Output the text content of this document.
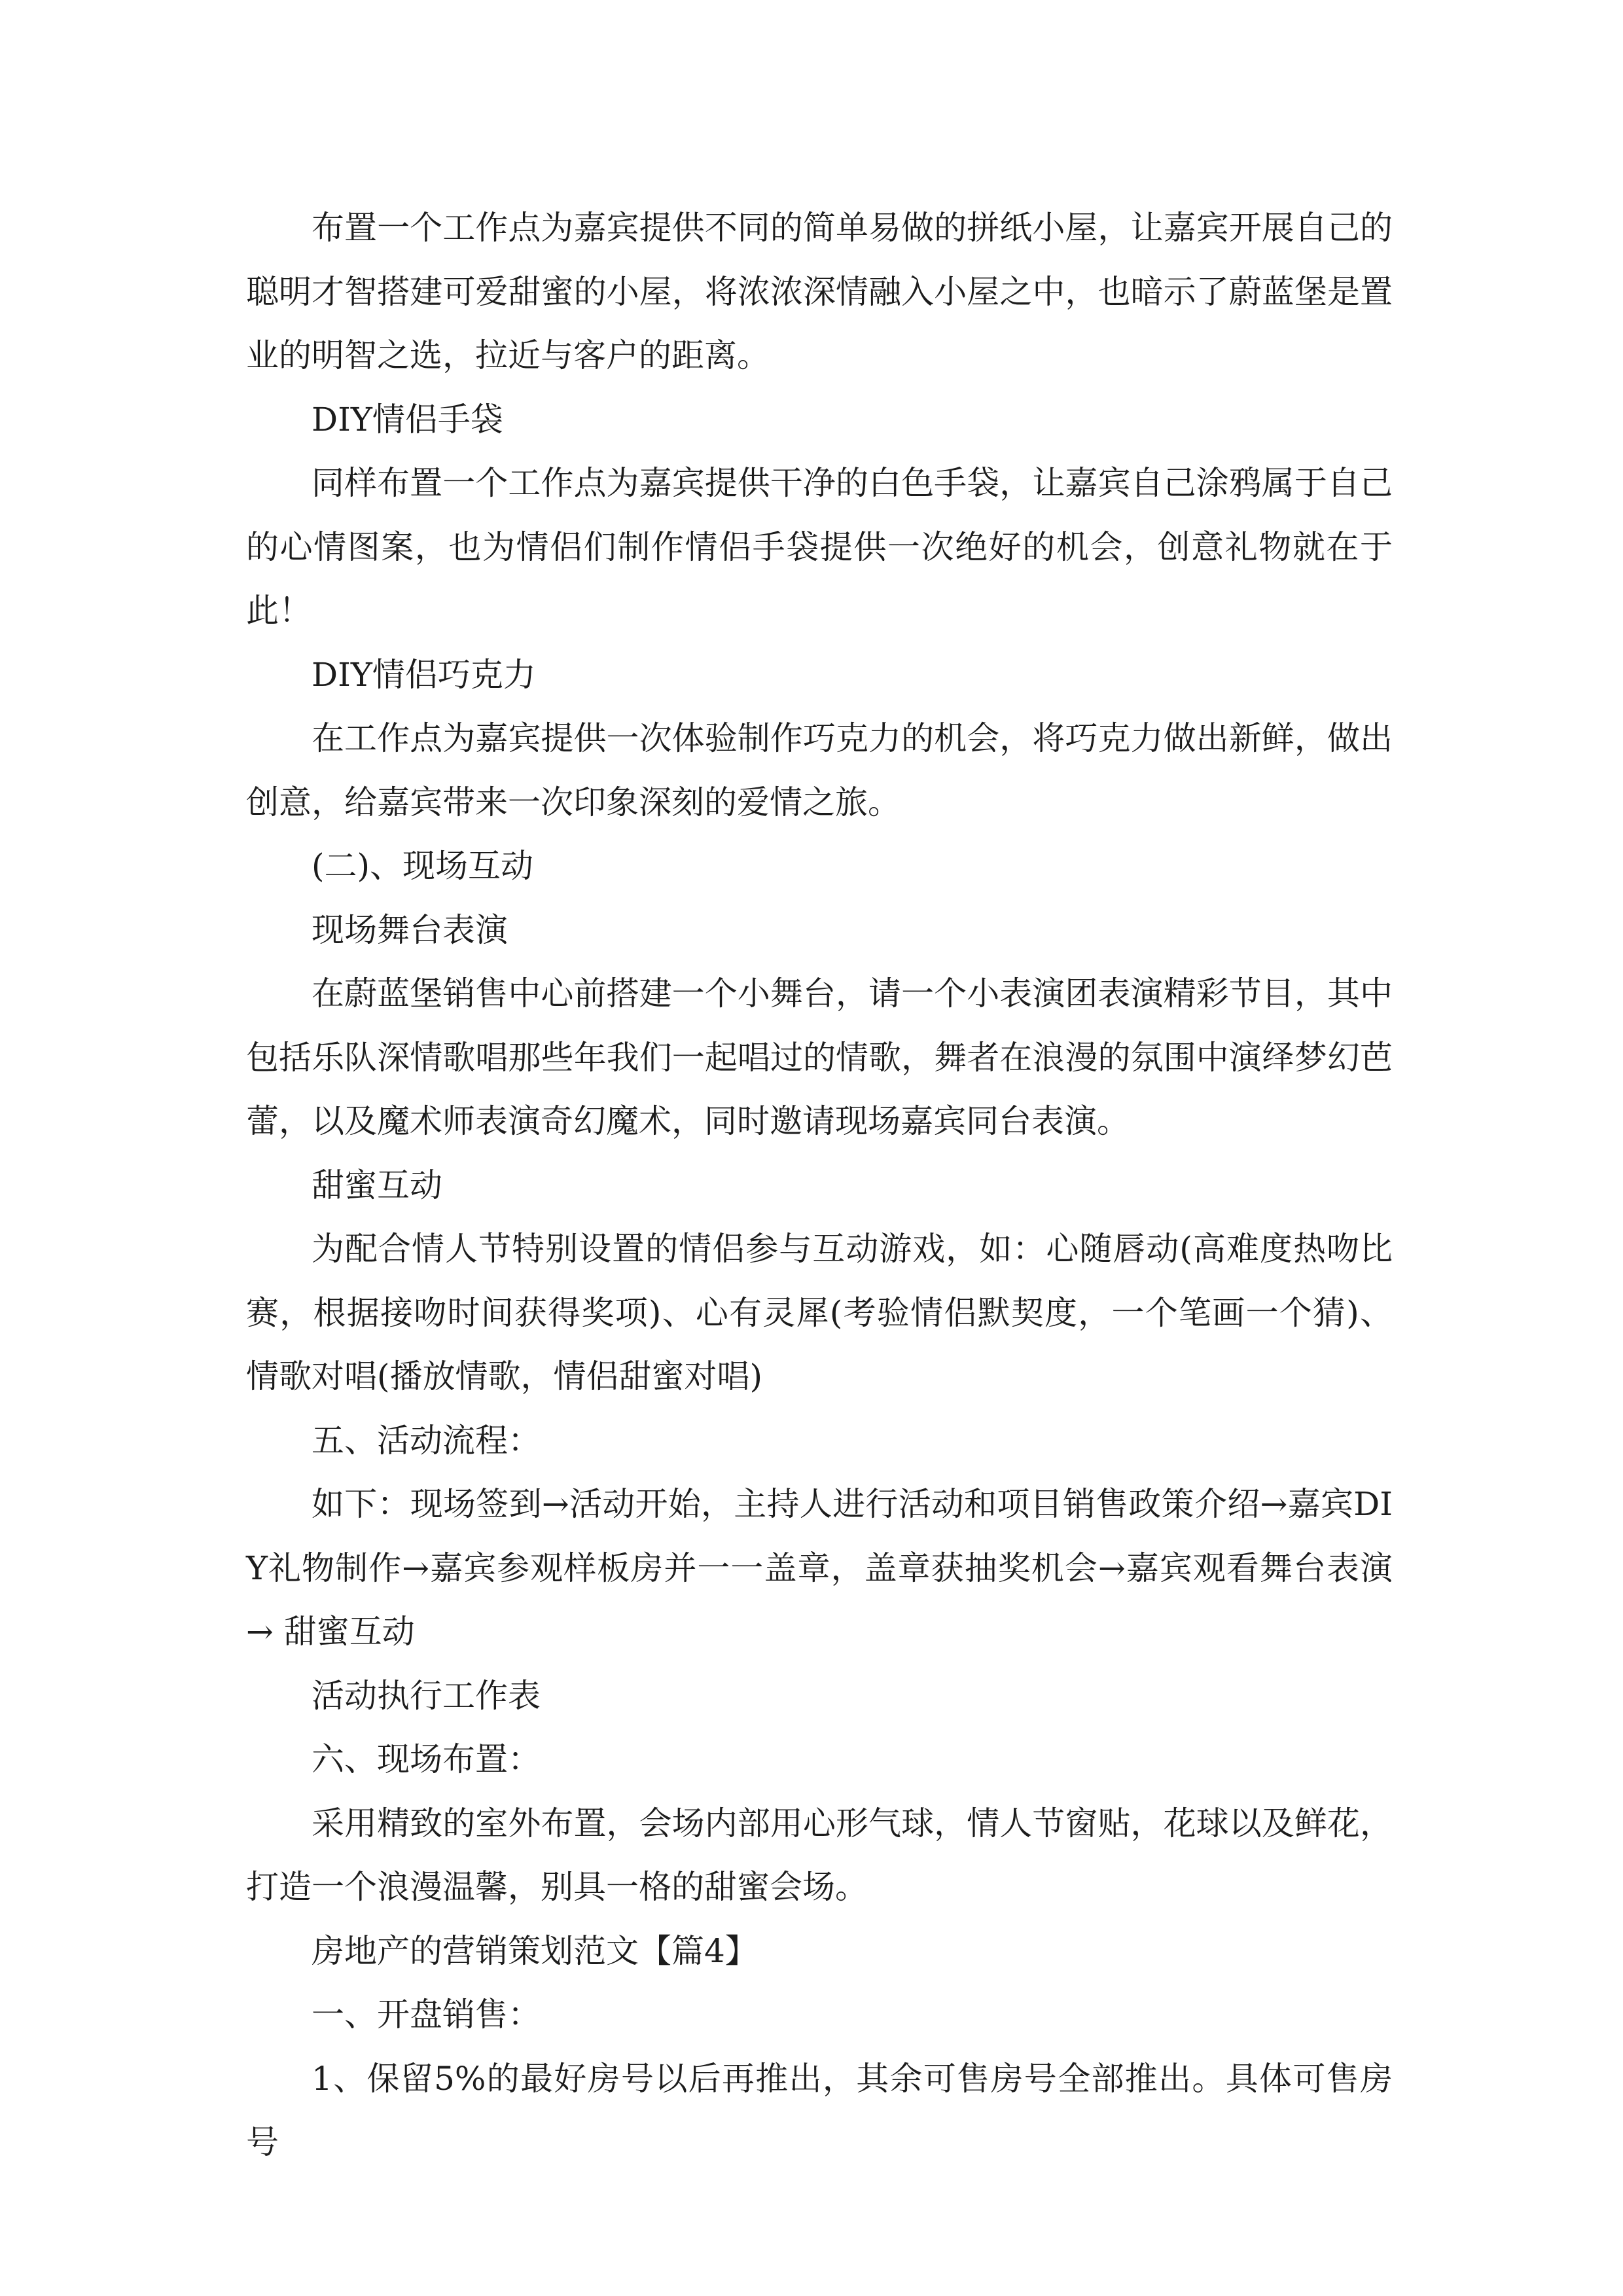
布置一个工作点为嘉宾提供不同的简单易做的拼纸小屋，让嘉宾开展自己的聪明才智搭建可爱甜蜜的小屋，将浓浓深情融入小屋之中，也暗示了蔚蓝堡是置业的明智之选，拉近与客户的距离。

DIY情侣手袋

同样布置一个工作点为嘉宾提供干净的白色手袋，让嘉宾自己涂鸦属于自己的心情图案，也为情侣们制作情侣手袋提供一次绝好的机会，创意礼物就在于此！

DIY情侣巧克力

在工作点为嘉宾提供一次体验制作巧克力的机会，将巧克力做出新鲜，做出创意，给嘉宾带来一次印象深刻的爱情之旅。

(二)、现场互动

现场舞台表演

在蔚蓝堡销售中心前搭建一个小舞台，请一个小表演团表演精彩节目，其中包括乐队深情歌唱那些年我们一起唱过的情歌，舞者在浪漫的氛围中演绎梦幻芭蕾，以及魔术师表演奇幻魔术，同时邀请现场嘉宾同台表演。

甜蜜互动

为配合情人节特别设置的情侣参与互动游戏，如：心随唇动(高难度热吻比赛，根据接吻时间获得奖项)、心有灵犀(考验情侣默契度，一个笔画一个猜)、情歌对唱(播放情歌，情侣甜蜜对唱)

五、活动流程：

如下：现场签到→活动开始，主持人进行活动和项目销售政策介绍→嘉宾DIY礼物制作→嘉宾参观样板房并一一盖章，盖章获抽奖机会→嘉宾观看舞台表演→ 甜蜜互动

活动执行工作表

六、现场布置：

采用精致的室外布置，会场内部用心形气球，情人节窗贴，花球以及鲜花，打造一个浪漫温馨，别具一格的甜蜜会场。

房地产的营销策划范文【篇4】

一、开盘销售：

1、保留5%的最好房号以后再推出，其余可售房号全部推出。具体可售房号
